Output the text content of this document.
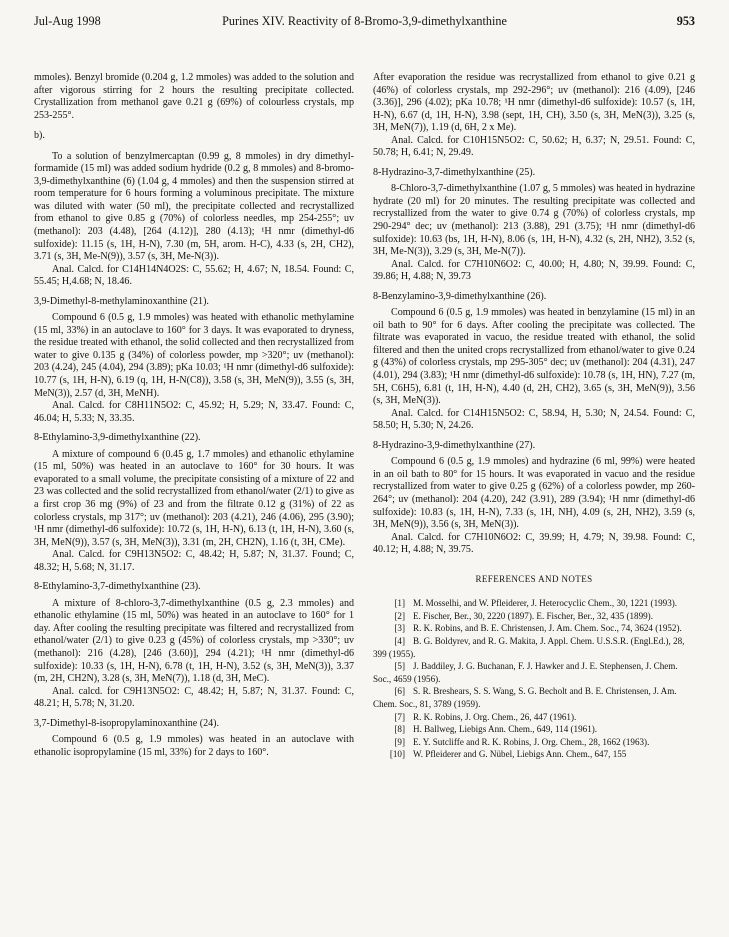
Jul-Aug 1998	Purines XIV. Reactivity of 8-Bromo-3,9-dimethylxanthine	953

mmoles). Benzyl bromide (0.204 g, 1.2 mmoles) was added to the solution and after vigorous stirring for 2 hours the resulting precipitate collected. Crystallization from methanol gave 0.21 g (69%) of colourless crystals, mp 253-255°.

b).

To a solution of benzylmercaptan (0.99 g, 8 mmoles) in dry dimethyl-formamide (15 ml) was added sodium hydride (0.2 g, 8 mmoles) and 8-bromo-3,9-dimethylxanthine (6) (1.04 g, 4 mmoles) and then the suspension stirred at room temperature for 6 hours forming a voluminous precipitate. The mixture was diluted with water (50 ml), the precipitate collected and recrystallized from ethanol to give 0.85 g (70%) of colorless needles, mp 254-255°; uv (methanol): 203 (4.48), [264 (4.12)], 280 (4.13); ¹H nmr (dimethyl-d6 sulfoxide): 11.15 (s, 1H, H-N), 7.30 (m, 5H, arom. H-C), 4.33 (s, 2H, CH2), 3.71 (s, 3H, Me-N(9)), 3.57 (s, 3H, Me-N(3)).

Anal. Calcd. for C14H14N4O2S: C, 55.62; H, 4.67; N, 18.54. Found: C, 55.45; H,4.68; N, 18.46.

3,9-Dimethyl-8-methylaminoxanthine (21).

Compound 6 (0.5 g, 1.9 mmoles) was heated with ethanolic methylamine (15 ml, 33%) in an autoclave to 160° for 3 days. It was evaporated to dryness, the residue treated with ethanol, the solid collected and then recrystallized from water to give 0.135 g (34%) of colorless powder, mp >320°; uv (methanol): 203 (4.24), 245 (4.04), 294 (3.89); pKa 10.03; ¹H nmr (dimethyl-d6 sulfoxide): 10.77 (s, 1H, H-N), 6.19 (q, 1H, H-N(C8)), 3.58 (s, 3H, MeN(9)), 3.55 (s, 3H, MeN(3)), 2.57 (d, 3H, MeNH).

Anal. Calcd. for C8H11N5O2: C, 45.92; H, 5.29; N, 33.47. Found: C, 46.04; H, 5.33; N, 33.35.

8-Ethylamino-3,9-dimethylxanthine (22).

A mixture of compound 6 (0.45 g, 1.7 mmoles) and ethanolic ethylamine (15 ml, 50%) was heated in an autoclave to 160° for 30 hours. It was evaporated to a small volume, the precipitate consisting of a mixture of 22 and 23 was collected and the solid recrystallized from ethanol/water (2/1) to give as a first crop 36 mg (9%) of 23 and from the filtrate 0.12 g (31%) of 22 as colorless crystals, mp 317°; uv (methanol): 203 (4.21), 246 (4.06), 295 (3.90); ¹H nmr (dimethyl-d6 sulfoxide): 10.72 (s, 1H, H-N), 6.13 (t, 1H, H-N), 3.60 (s, 3H, MeN(9)), 3.57 (s, 3H, MeN(3)), 3.31 (m, 2H, CH2N), 1.16 (t, 3H, CMe).

Anal. Calcd. for C9H13N5O2: C, 48.42; H, 5.87; N, 31.37. Found; C, 48.32; H, 5.68; N, 31.17.

8-Ethylamino-3,7-dimethylxanthine (23).

A mixture of 8-chloro-3,7-dimethylxanthine (0.5 g, 2.3 mmoles) and ethanolic ethylamine (15 ml, 50%) was heated in an autoclave to 160° for 1 day. After cooling the resulting precipitate was filtered and recrystallized from ethanol/water (2/1) to give 0.23 g (45%) of colorless crystals, mp >330°; uv (methanol): 216 (4.28), [246 (3.60)], 294 (4.21); ¹H nmr (dimethyl-d6 sulfoxide): 10.33 (s, 1H, H-N), 6.78 (t, 1H, H-N), 3.52 (s, 3H, MeN(3)), 3.37 (m, 2H, CH2N), 3.28 (s, 3H, MeN(7)), 1.18 (d, 3H, MeC).

Anal. calcd. for C9H13N5O2: C, 48.42; H, 5.87; N, 31.37. Found: C, 48.21; H, 5.78; N, 31.20.

3,7-Dimethyl-8-isopropylaminoxanthine (24).

Compound 6 (0.5 g, 1.9 mmoles) was heated in an autoclave with ethanolic isopropylamine (15 ml, 33%) for 2 days to 160°.

After evaporation the residue was recrystallized from ethanol to give 0.21 g (46%) of colorless crystals, mp 292-296°; uv (methanol): 216 (4.09), [246 (3.36)], 296 (4.02); pKa 10.78; ¹H nmr (dimethyl-d6 sulfoxide): 10.57 (s, 1H, H-N), 6.67 (d, 1H, H-N), 3.98 (sept, 1H, CH), 3.50 (s, 3H, MeN(3)), 3.25 (s, 3H, MeN(7)), 1.19 (d, 6H, 2 x Me).

Anal. Calcd. for C10H15N5O2: C, 50.62; H, 6.37; N, 29.51. Found: C, 50.78; H, 6.41; N, 29.49.

8-Hydrazino-3,7-dimethylxanthine (25).

8-Chloro-3,7-dimethylxanthine (1.07 g, 5 mmoles) was heated in hydrazine hydrate (20 ml) for 20 minutes. The resulting precipitate was collected and recrystallized from the water to give 0.74 g (70%) of colorless crystals, mp 290-294° dec; uv (methanol): 213 (3.88), 291 (3.75); ¹H nmr (dimethyl-d6 sulfoxide): 10.63 (bs, 1H, H-N), 8.06 (s, 1H, H-N), 4.32 (s, 2H, NH2), 3.52 (s, 3H, Me-N(3)), 3.29 (s, 3H, Me-N(7)).

Anal. Calcd. for C7H10N6O2: C, 40.00; H, 4.80; N, 39.99. Found: C, 39.86; H, 4.88; N, 39.73

8-Benzylamino-3,9-dimethylxanthine (26).

Compound 6 (0.5 g, 1.9 mmoles) was heated in benzylamine (15 ml) in an oil bath to 90° for 6 days. After cooling the precipitate was collected. The filtrate was evaporated in vacuo, the residue treated with ethanol, the solid filtered and then the united crops recrystallized from ethanol/water to give 0.24 g (43%) of colorless crystals, mp 295-305° dec; uv (methanol): 204 (4.31), 247 (4.01), 294 (3.83); ¹H nmr (dimethyl-d6 sulfoxide): 10.78 (s, 1H, HN), 7.27 (m, 5H, C6H5), 6.81 (t, 1H, H-N), 4.40 (d, 2H, CH2), 3.65 (s, 3H, MeN(9)), 3.56 (s, 3H, MeN(3)).

Anal. Calcd. for C14H15N5O2: C, 58.94, H, 5.30; N, 24.54. Found: C, 58.50; H, 5.30; N, 24.26.

8-Hydrazino-3,9-dimethylxanthine (27).

Compound 6 (0.5 g, 1.9 mmoles) and hydrazine (6 ml, 99%) were heated in an oil bath to 80° for 15 hours. It was evaporated in vacuo and the residue recrystallized from water to give 0.25 g (62%) of a colorless powder, mp 260-264°; uv (methanol): 204 (4.20), 242 (3.91), 289 (3.94); ¹H nmr (dimethyl-d6 sulfoxide): 10.83 (s, 1H, H-N), 7.33 (s, 1H, NH), 4.09 (s, 2H, NH2), 3.59 (s, 3H, MeN(9)), 3.56 (s, 3H, MeN(3)).

Anal. Calcd. for C7H10N6O2: C, 39.99; H, 4.79; N, 39.98. Found: C, 40.12; H, 4.88; N, 39.75.

REFERENCES AND NOTES

[1] M. Mosselhi, and W. Pfleiderer, J. Heterocyclic Chem., 30, 1221 (1993).

[2] E. Fischer, Ber., 30, 2220 (1897). E. Fischer, Ber., 32, 435 (1899).

[3] R. K. Robins, and B. E. Christensen, J. Am. Chem. Soc., 74, 3624 (1952).

[4] B. G. Boldyrev, and R. G. Makita, J. Appl. Chem. U.S.S.R. (Engl.Ed.), 28, 399 (1955).

[5] J. Baddiley, J. G. Buchanan, F. J. Hawker and J. E. Stephensen, J. Chem. Soc., 4659 (1956).

[6] S. R. Breshears, S. S. Wang, S. G. Becholt and B. E. Christensen, J. Am. Chem. Soc., 81, 3789 (1959).

[7] R. K. Robins, J. Org. Chem., 26, 447 (1961).

[8] H. Ballweg, Liebigs Ann. Chem., 649, 114 (1961).

[9] E. Y. Sutcliffe and R. K. Robins, J. Org. Chem., 28, 1662 (1963).

[10] W. Pfleiderer and G. Nübel, Liebigs Ann. Chem., 647, 155
